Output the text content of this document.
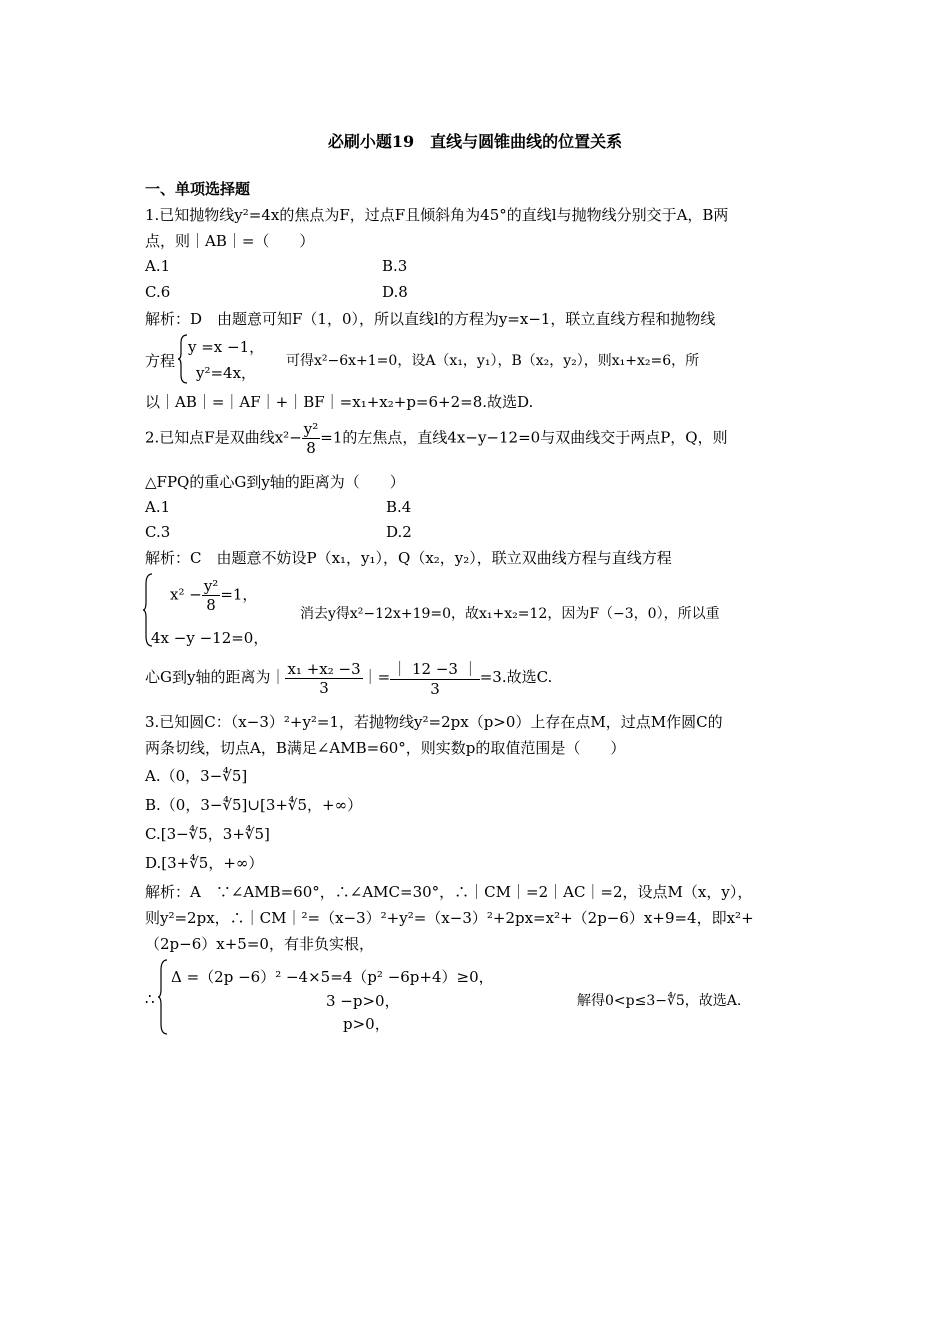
必刷小题19　直线与圆锥曲线的位置关系
一、单项选择题
1.已知抛物线y²=4x的焦点为F，过点F且倾斜角为45°的直线l与抛物线分别交于A，B两
点，则｜AB｜=（　　）
A.1	B.3
C.6	D.8
解析：D　由题意可知F（1，0），所以直线l的方程为y=x−1，联立直线方程和抛物线
方程
y =x −1，
y²=4x，
可得x²−6x+1=0，设A（x₁，y₁），B（x₂，y₂），则x₁+x₂=6，所
以｜AB｜=｜AF｜+｜BF｜=x₁+x₂+p=6+2=8.故选D.
2.已知点F是双曲线$x^2- \frac{\text{y²}}{8} =1$的左焦点，直线4x−y−12=0与双曲线交于两点P，Q，则
△FPQ的重心G到y轴的距离为（　　）
A.1	B.4
C.3	D.2
解析：C　由题意不妨设P（x₁，y₁），Q（x₂，y₂），联立双曲线方程与直线方程
$x^2 - \frac{\text{y²}}{8} =1$，
4x −y −12=0，
消去y得x²−12x+19=0，故x₁+x₂=12，因为F（−3，0），所以重
心G到y轴的距离为｜ $\frac{\text{x₁ +x₂ −3}}{3}$ ｜= $\frac{| 12 -3 |}{3} =3$.故选C.
3.已知圆C：（x−3）²+y²=1，若抛物线y²=2px（p>0）上存在点M，过点M作圆C的
两条切线，切点A，B满足∠AMB=60°，则实数p的取值范围是（　　）
A.（0，3−∜5]
B.（0，3−∜5]∪[3+∜5，+∞）
C.[3−∜5，3+∜5]
D.[3+∜5，+∞）
解析：A　∵∠AMB=60°，∴∠AMC=30°，∴｜CM｜=2｜AC｜=2，设点M（x，y），
则y²=2px，∴｜CM｜²=（x−3）²+y²=（x−3）²+2px=x²+（2p−6）x+9=4，即x²+
（2p−6）x+5=0，有非负实根，
∴
Δ =（2p −6）² −4×5=4（p² −6p+4）≥0，
3 −p>0，
p>0，
解得0<p≤3−∜5，故选A.
